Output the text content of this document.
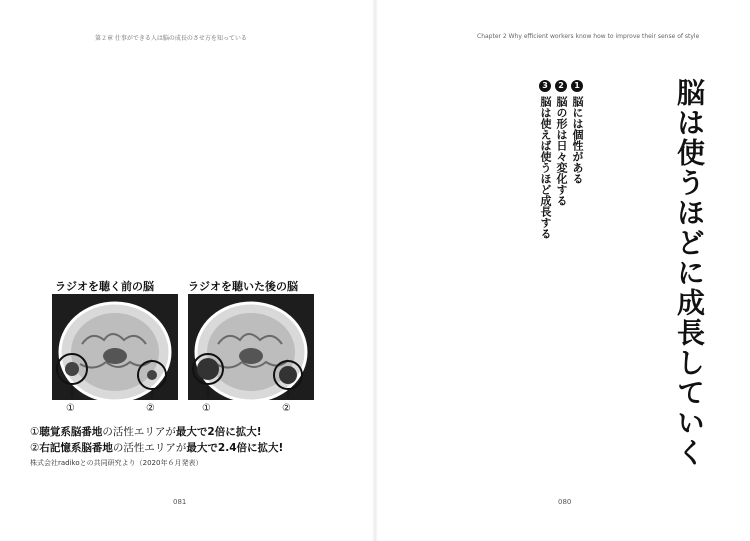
第２章 仕事ができる人は脳の成長のさせ方を知っている
ラジオを聴く前の脳	ラジオを聴いた後の脳
①	②	①	②
①聴覚系脳番地の活性エリアが最大で2倍に拡大!
②右記憶系脳番地の活性エリアが最大で2.4倍に拡大!
株式会社radikoとの共同研究より（2020年６月発表）
081
Chapter 2 Why efficient workers know how to improve their sense of style
脳は使うほどに成長していく
1脳には個性がある
2脳の形は日々変化する
3脳は使えば使うほど成長する
080
